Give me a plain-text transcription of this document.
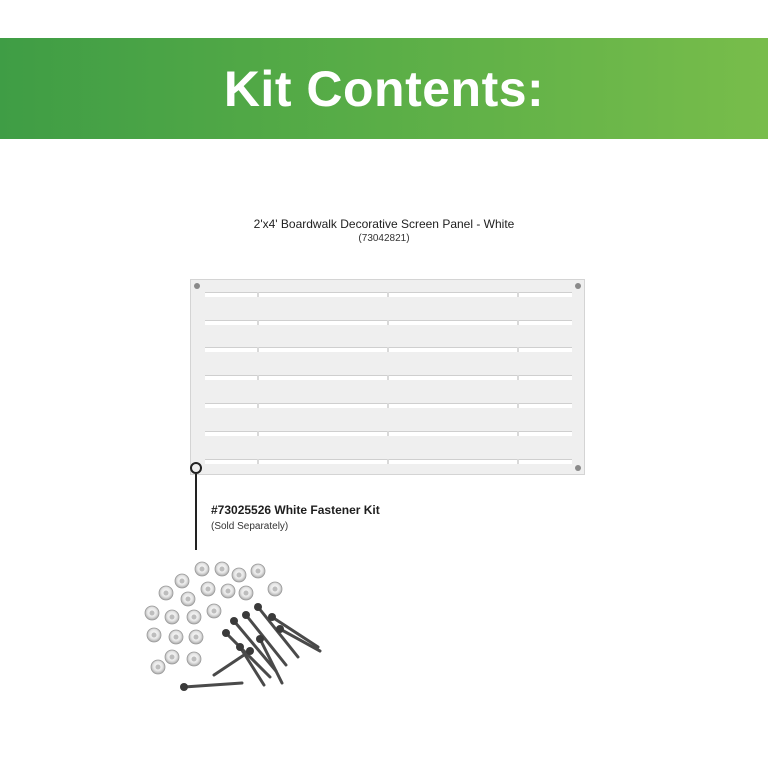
Kit Contents:
2'x4' Boardwalk Decorative Screen Panel - White
(73042821)
#73025526 White Fastener Kit
(Sold Separately)
